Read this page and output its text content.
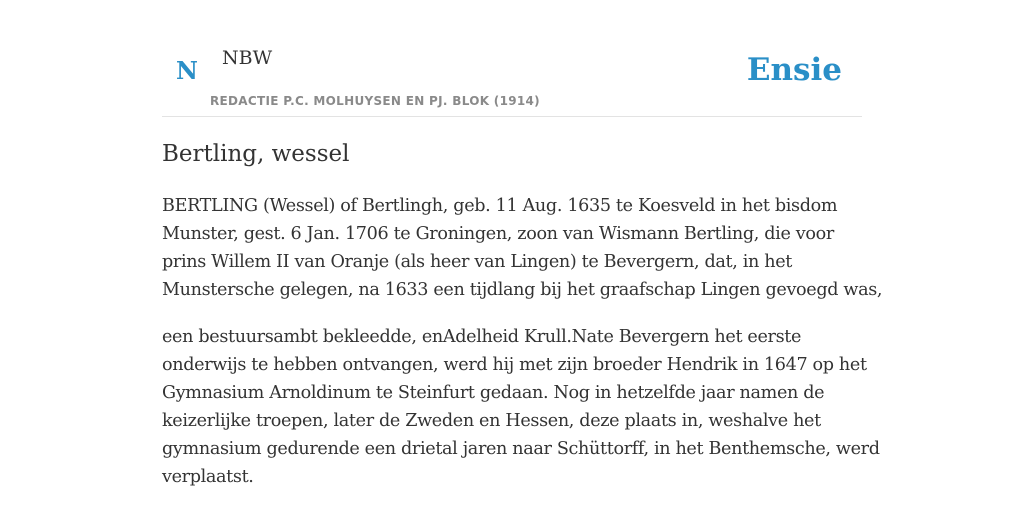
N NBW
REDACTIE P.C. MOLHUYSEN EN PJ. BLOK (1914)
Ensie
Bertling, wessel

BERTLING (Wessel) of Bertlingh, geb. 11 Aug. 1635 te Koesveld in het bisdom
Munster, gest. 6 Jan. 1706 te Groningen, zoon van Wismann Bertling, die voor
prins Willem II van Oranje (als heer van Lingen) te Bevergern, dat, in het
Munstersche gelegen, na 1633 een tijdlang bij het graafschap Lingen gevoegd was,

een bestuursambt bekleedde, enAdelheid Krull.Nate Bevergern het eerste
onderwijs te hebben ontvangen, werd hij met zijn broeder Hendrik in 1647 op het
Gymnasium Arnoldinum te Steinfurt gedaan. Nog in hetzelfde jaar namen de
keizerlijke troepen, later de Zweden en Hessen, deze plaats in, weshalve het
gymnasium gedurende een drietal jaren naar Schüttorff, in het Benthemsche, werd
verplaatst.
